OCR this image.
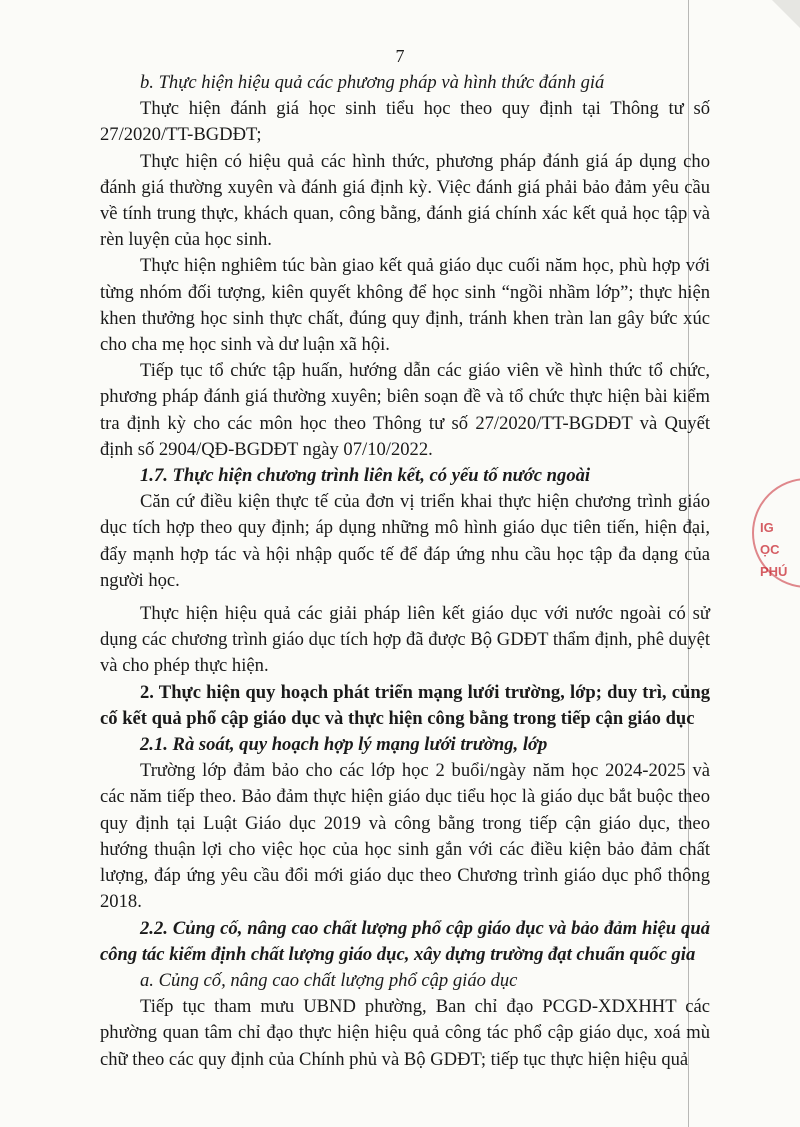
7

b. Thực hiện hiệu quả các phương pháp và hình thức đánh giá

Thực hiện đánh giá học sinh tiểu học theo quy định tại Thông tư số 27/2020/TT-BGDĐT;

Thực hiện có hiệu quả các hình thức, phương pháp đánh giá áp dụng cho đánh giá thường xuyên và đánh giá định kỳ. Việc đánh giá phải bảo đảm yêu cầu về tính trung thực, khách quan, công bằng, đánh giá chính xác kết quả học tập và rèn luyện của học sinh.

Thực hiện nghiêm túc bàn giao kết quả giáo dục cuối năm học, phù hợp với từng nhóm đối tượng, kiên quyết không để học sinh “ngồi nhầm lớp”; thực hiện khen thưởng học sinh thực chất, đúng quy định, tránh khen tràn lan gây bức xúc cho cha mẹ học sinh và dư luận xã hội.

Tiếp tục tổ chức tập huấn, hướng dẫn các giáo viên về hình thức tổ chức, phương pháp đánh giá thường xuyên; biên soạn đề và tổ chức thực hiện bài kiểm tra định kỳ cho các môn học theo Thông tư số 27/2020/TT-BGDĐT và Quyết định số 2904/QĐ-BGDĐT ngày 07/10/2022.

1.7. Thực hiện chương trình liên kết, có yếu tố nước ngoài

Căn cứ điều kiện thực tế của đơn vị triển khai thực hiện chương trình giáo dục tích hợp theo quy định; áp dụng những mô hình giáo dục tiên tiến, hiện đại, đẩy mạnh hợp tác và hội nhập quốc tế để đáp ứng nhu cầu học tập đa dạng của người học.

Thực hiện hiệu quả các giải pháp liên kết giáo dục với nước ngoài có sử dụng các chương trình giáo dục tích hợp đã được Bộ GDĐT thẩm định, phê duyệt và cho phép thực hiện.

2. Thực hiện quy hoạch phát triển mạng lưới trường, lớp; duy trì, củng cố kết quả phổ cập giáo dục và thực hiện công bằng trong tiếp cận giáo dục

2.1. Rà soát, quy hoạch hợp lý mạng lưới trường, lớp

Trường lớp đảm bảo cho các lớp học 2 buổi/ngày năm học 2024-2025 và các năm tiếp theo. Bảo đảm thực hiện giáo dục tiểu học là giáo dục bắt buộc theo quy định tại Luật Giáo dục 2019 và công bằng trong tiếp cận giáo dục, theo hướng thuận lợi cho việc học của học sinh gắn với các điều kiện bảo đảm chất lượng, đáp ứng yêu cầu đổi mới giáo dục theo Chương trình giáo dục phổ thông 2018.

2.2. Củng cố, nâng cao chất lượng phổ cập giáo dục và bảo đảm hiệu quả công tác kiểm định chất lượng giáo dục, xây dựng trường đạt chuẩn quốc gia

a. Củng cố, nâng cao chất lượng phổ cập giáo dục

Tiếp tục tham mưu UBND phường, Ban chỉ đạo PCGD-XDXHHT các phường quan tâm chỉ đạo thực hiện hiệu quả công tác phổ cập giáo dục, xoá mù chữ theo các quy định của Chính phủ và Bộ GDĐT; tiếp tục thực hiện hiệu quả

IG
ỌC
PHÚ
